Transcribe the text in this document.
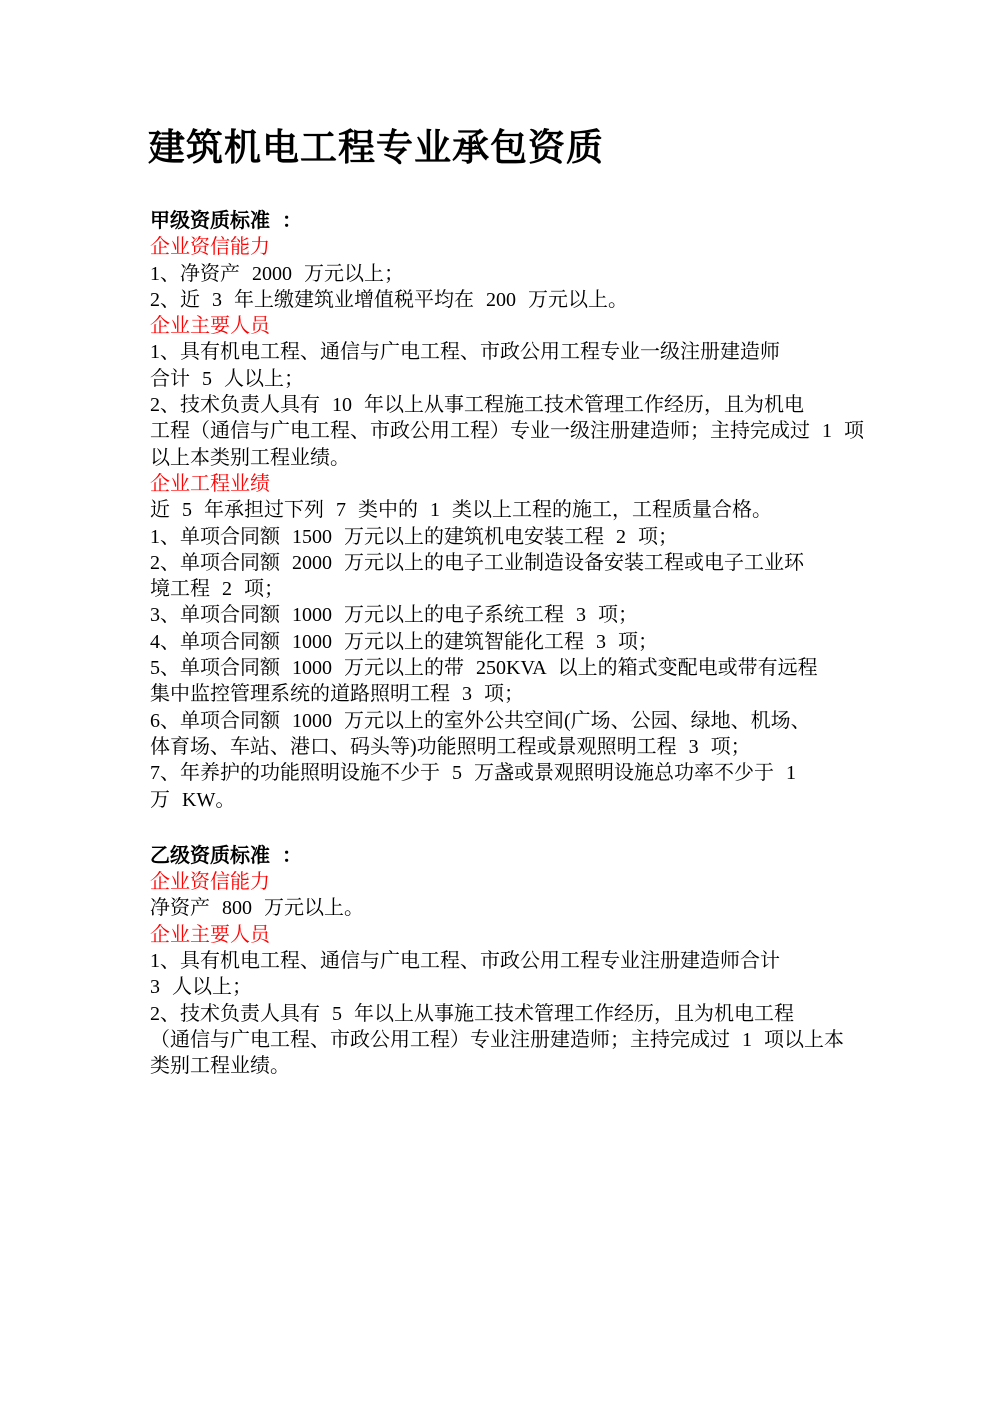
建筑机电工程专业承包资质
甲级资质标准 ：
企业资信能力
1、净资产 2000 万元以上；
2、近 3 年上缴建筑业增值税平均在 200 万元以上。
企业主要人员
1、具有机电工程、通信与广电工程、市政公用工程专业一级注册建造师
合计 5 人以上；
2、技术负责人具有 10 年以上从事工程施工技术管理工作经历，且为机电
工程（通信与广电工程、市政公用工程）专业一级注册建造师；主持完成过 1 项
以上本类别工程业绩。
企业工程业绩
近 5 年承担过下列 7 类中的 1 类以上工程的施工，工程质量合格。
1、单项合同额 1500 万元以上的建筑机电安装工程 2 项；
2、单项合同额 2000 万元以上的电子工业制造设备安装工程或电子工业环
境工程 2 项；
3、单项合同额 1000 万元以上的电子系统工程 3 项；
4、单项合同额 1000 万元以上的建筑智能化工程 3 项；
5、单项合同额 1000 万元以上的带 250KVA 以上的箱式变配电或带有远程
集中监控管理系统的道路照明工程 3 项；
6、单项合同额 1000 万元以上的室外公共空间(广场、公园、绿地、机场、
体育场、车站、港口、码头等)功能照明工程或景观照明工程 3 项；
7、年养护的功能照明设施不少于 5 万盏或景观照明设施总功率不少于 1
万 KW。
乙级资质标准 ：
企业资信能力
净资产 800 万元以上。
企业主要人员
1、具有机电工程、通信与广电工程、市政公用工程专业注册建造师合计
3 人以上；
2、技术负责人具有 5 年以上从事施工技术管理工作经历，且为机电工程
（通信与广电工程、市政公用工程）专业注册建造师；主持完成过 1 项以上本
类别工程业绩。
